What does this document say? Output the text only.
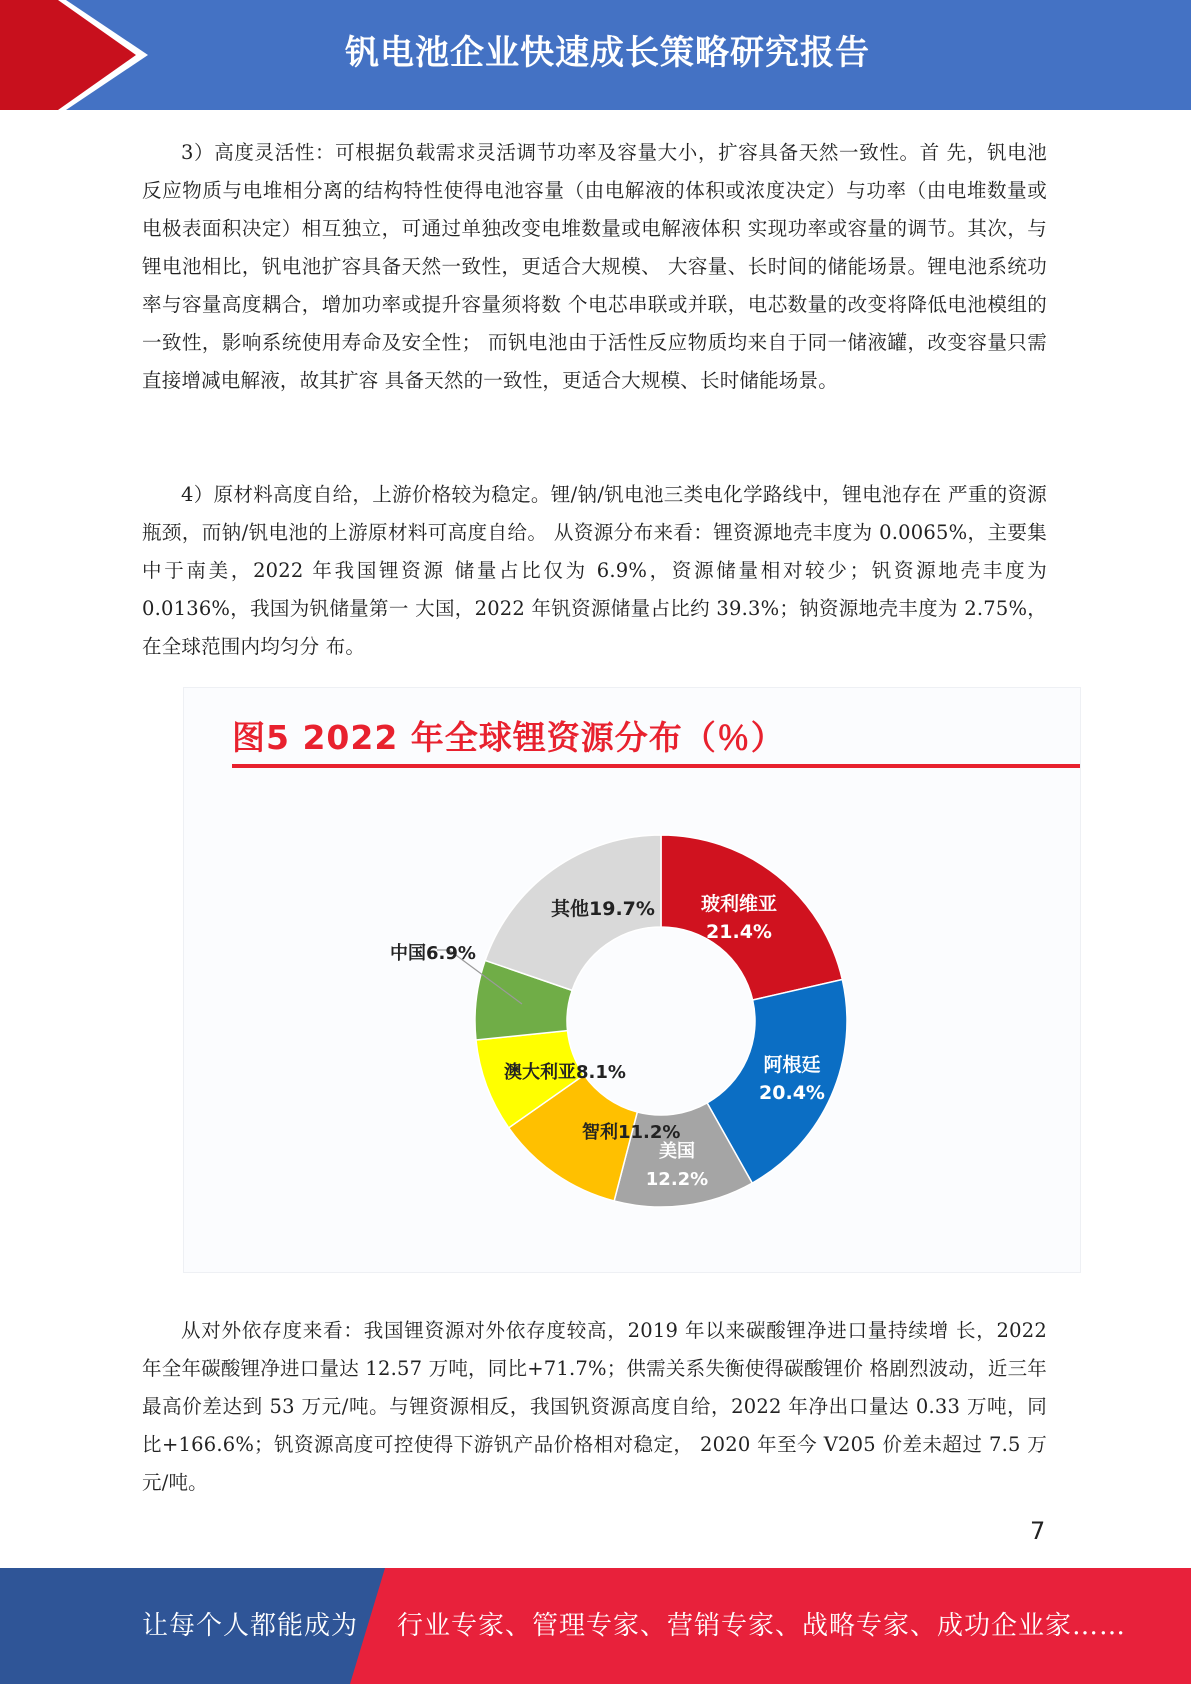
钒电池企业快速成长策略研究报告

3）高度灵活性：可根据负载需求灵活调节功率及容量大小，扩容具备天然一致性。首 先，钒电池反应物质与电堆相分离的结构特性使得电池容量（由电解液的体积或浓度决定）与功率（由电堆数量或电极表面积决定）相互独立，可通过单独改变电堆数量或电解液体积 实现功率或容量的调节。其次，与锂电池相比，钒电池扩容具备天然一致性，更适合大规模、 大容量、长时间的储能场景。锂电池系统功率与容量高度耦合，增加功率或提升容量须将数 个电芯串联或并联，电芯数量的改变将降低电池模组的一致性，影响系统使用寿命及安全性； 而钒电池由于活性反应物质均来自于同一储液罐，改变容量只需直接增减电解液，故其扩容 具备天然的一致性，更适合大规模、长时储能场景。

4）原材料高度自给，上游价格较为稳定。锂/钠/钒电池三类电化学路线中，锂电池存在 严重的资源瓶颈，而钠/钒电池的上游原材料可高度自给。 从资源分布来看：锂资源地壳丰度为 0.0065%，主要集中于南美，2022 年我国锂资源 储量占比仅为 6.9%，资源储量相对较少；钒资源地壳丰度为 0.0136%，我国为钒储量第一 大国，2022 年钒资源储量占比约 39.3%；钠资源地壳丰度为 2.75%，在全球范围内均匀分 布。

图5 2022 年全球锂资源分布（％）
玻利维亚
21.4%
阿根廷
20.4%
美国
12.2%
智利11.2%
澳大利亚8.1%
中国6.9%
其他19.7%

从对外依存度来看：我国锂资源对外依存度较高，2019 年以来碳酸锂净进口量持续增 长，2022 年全年碳酸锂净进口量达 12.57 万吨，同比+71.7%；供需关系失衡使得碳酸锂价 格剧烈波动，近三年最高价差达到 53 万元/吨。与锂资源相反，我国钒资源高度自给，2022 年净出口量达 0.33 万吨，同比+166.6%；钒资源高度可控使得下游钒产品价格相对稳定， 2020 年至今 V205 价差未超过 7.5 万元/吨。

7
让每个人都能成为 行业专家、管理专家、营销专家、战略专家、成功企业家……
